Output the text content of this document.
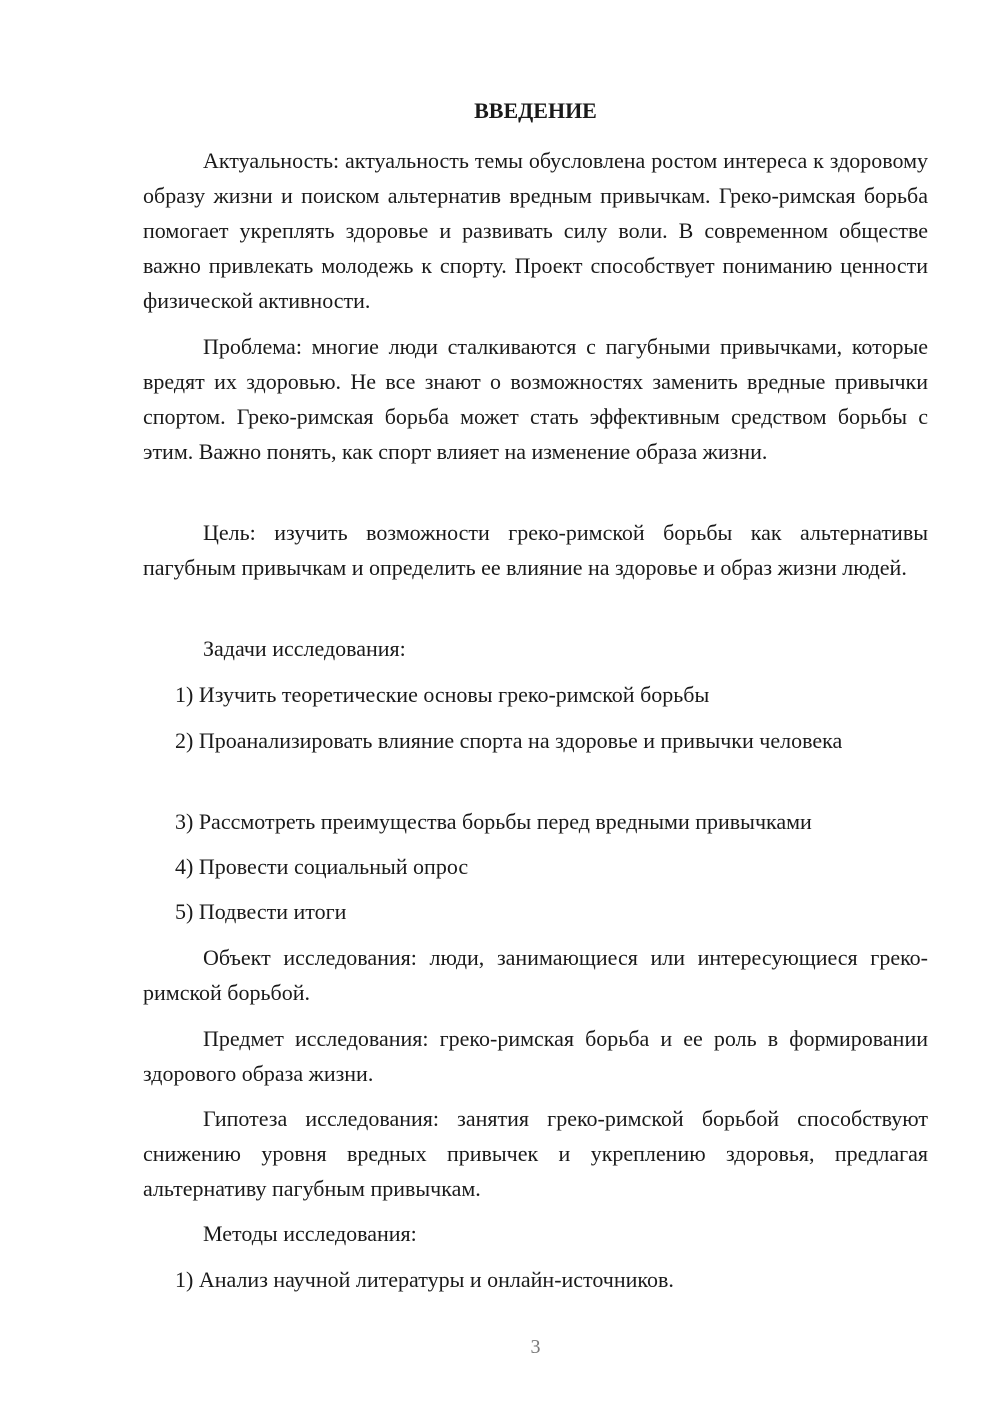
ВВЕДЕНИЕ

Актуальность: актуальность темы обусловлена ростом интереса к здоровому образу жизни и поиском альтернатив вредным привычкам. Греко-римская борьба помогает укреплять здоровье и развивать силу воли. В современном обществе важно привлекать молодежь к спорту. Проект способствует пониманию ценности физической активности.

Проблема: многие люди сталкиваются с пагубными привычками, которые вредят их здоровью. Не все знают о возможностях заменить вредные привычки спортом. Греко-римская борьба может стать эффективным средством борьбы с этим. Важно понять, как спорт влияет на изменение образа жизни.

Цель: изучить возможности греко-римской борьбы как альтернативы пагубным привычкам и определить ее влияние на здоровье и образ жизни людей.

Задачи исследования:

1) Изучить теоретические основы греко-римской борьбы

2) Проанализировать влияние спорта на здоровье и привычки человека

3) Рассмотреть преимущества борьбы перед вредными привычками

4) Провести социальный опрос

5) Подвести итоги

Объект исследования: люди, занимающиеся или интересующиеся греко-римской борьбой.

Предмет исследования: греко-римская борьба и ее роль в формировании здорового образа жизни.

Гипотеза исследования: занятия греко-римской борьбой способствуют снижению уровня вредных привычек и укреплению здоровья, предлагая альтернативу пагубным привычкам.

Методы исследования:

1) Анализ научной литературы и онлайн-источников.

3
